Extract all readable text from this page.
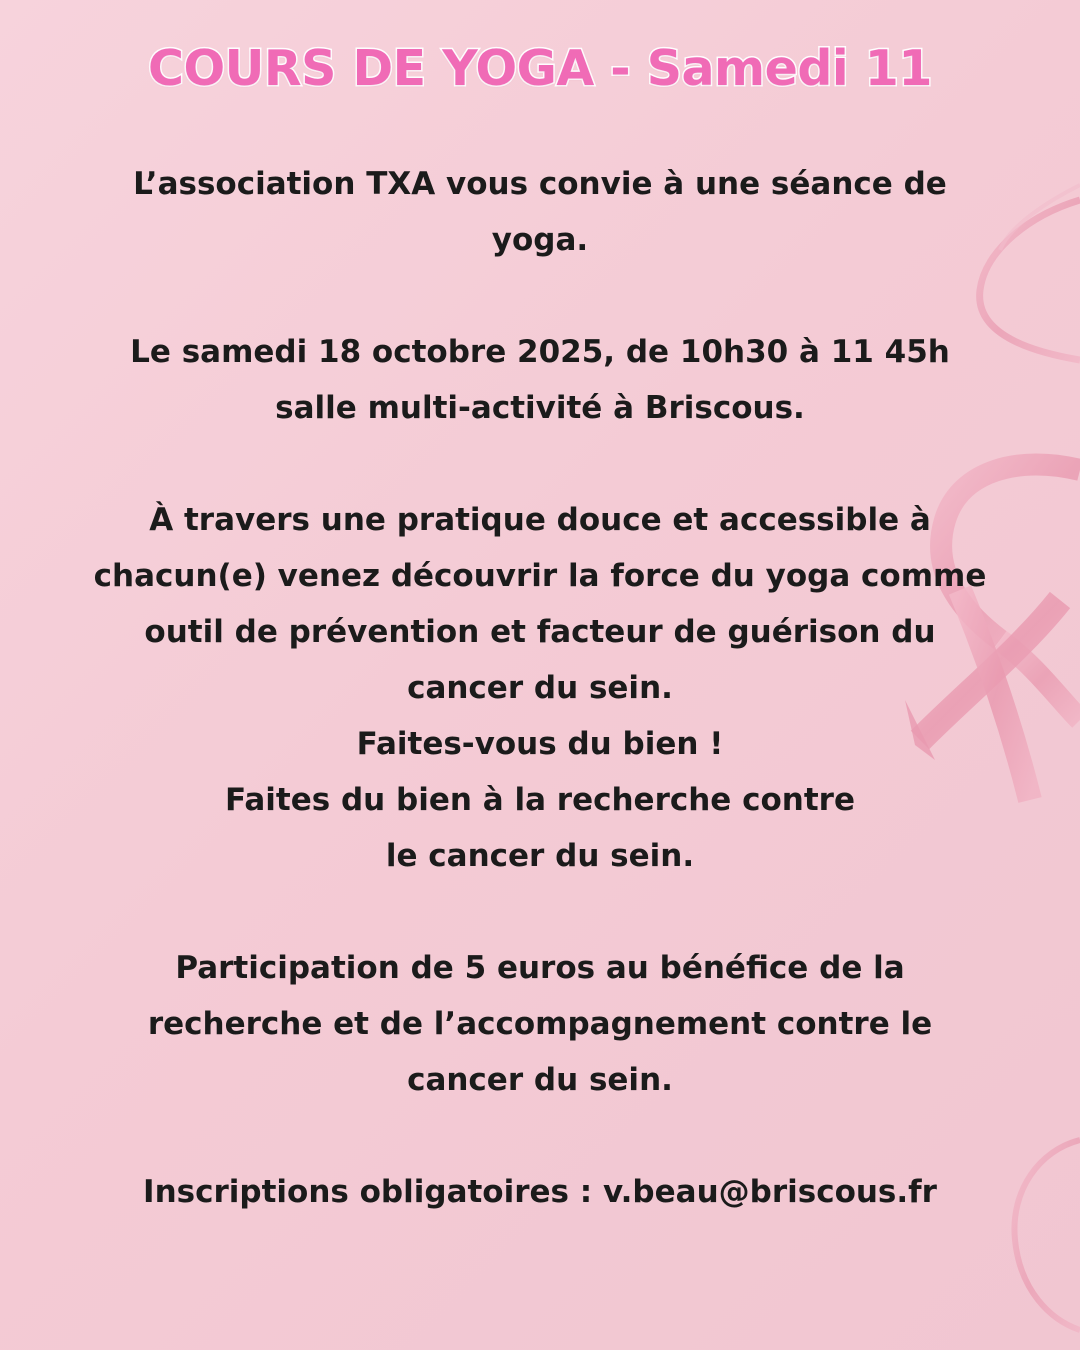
COURS DE YOGA - Samedi 11

L’association TXA vous convie à une séance de

yoga.

Le samedi 18 octobre 2025, de 10h30 à 11 45h

salle multi-activité à Briscous.

À travers une pratique douce et accessible à

chacun(e) venez découvrir la force du yoga comme

outil de prévention et facteur de guérison du

cancer du sein.

Faites-vous du bien !

Faites du bien à la recherche contre

le cancer du sein.

Participation de 5 euros au bénéfice de la

recherche et de l’accompagnement contre le

cancer du sein.

Inscriptions obligatoires : v.beau@briscous.fr
